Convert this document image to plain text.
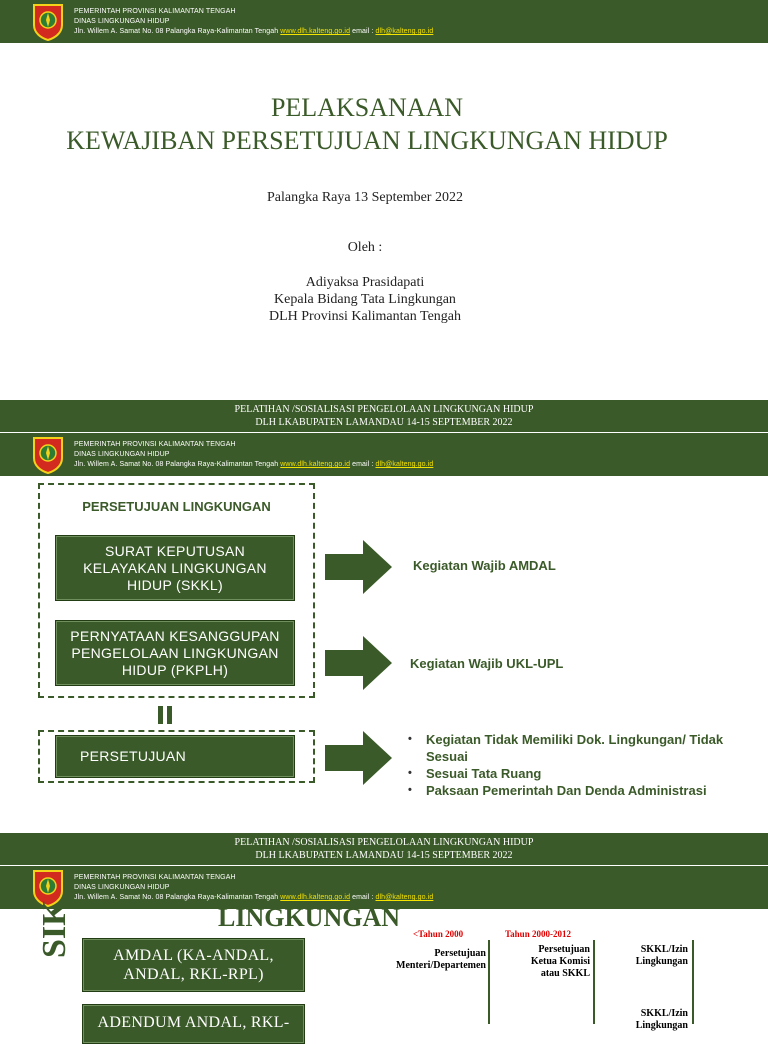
PEMERINTAH PROVINSI KALIMANTAN TENGAH
DINAS LINGKUNGAN HIDUP
Jln. Willem A. Samat No. 08 Palangka Raya-Kalimantan Tengah www.dlh.kalteng.go.id email : dlh@kalteng.go.id
PELAKSANAAN
KEWAJIBAN PERSETUJUAN LINGKUNGAN HIDUP
Palangka Raya 13 September 2022
Oleh :
Adiyaksa Prasidapati
Kepala Bidang Tata Lingkungan
DLH Provinsi Kalimantan Tengah
PELATIHAN /SOSIALISASI PENGELOLAAN LINGKUNGAN HIDUP
DLH LKABUPATEN LAMANDAU 14-15 SEPTEMBER 2022
PEMERINTAH PROVINSI KALIMANTAN TENGAH
DINAS LINGKUNGAN HIDUP
Jln. Willem A. Samat No. 08 Palangka Raya-Kalimantan Tengah www.dlh.kalteng.go.id email : dlh@kalteng.go.id
PERSETUJUAN LINGKUNGAN
SURAT KEPUTUSAN KELAYAKAN LINGKUNGAN HIDUP (SKKL)
PERNYATAAN KESANGGUPAN PENGELOLAAN LINGKUNGAN HIDUP (PKPLH)
Kegiatan Wajib AMDAL
Kegiatan Wajib UKL-UPL
PERSETUJUAN
• Kegiatan Tidak Memiliki Dok. Lingkungan/ Tidak Sesuai
• Sesuai Tata Ruang
• Paksaan Pemerintah Dan Denda Administrasi
PELATIHAN /SOSIALISASI PENGELOLAAN LINGKUNGAN HIDUP
DLH LKABUPATEN LAMANDAU 14-15 SEPTEMBER 2022
PEMERINTAH PROVINSI KALIMANTAN TENGAH
DINAS LINGKUNGAN HIDUP
Jln. Willem A. Samat No. 08 Palangka Raya-Kalimantan Tengah www.dlh.kalteng.go.id email : dlh@kalteng.go.id
LINGKUNGAN
SIK	AMDAL (KA-ANDAL, ANDAL, RKL-RPL)
ADENDUM ANDAL, RKL-
<Tahun 2000	Tahun 2000-2012
Persetujuan Menteri/Departemen
Persetujuan Ketua Komisi atau SKKL
SKKL/Izin Lingkungan
SKKL/Izin Lingkungan
